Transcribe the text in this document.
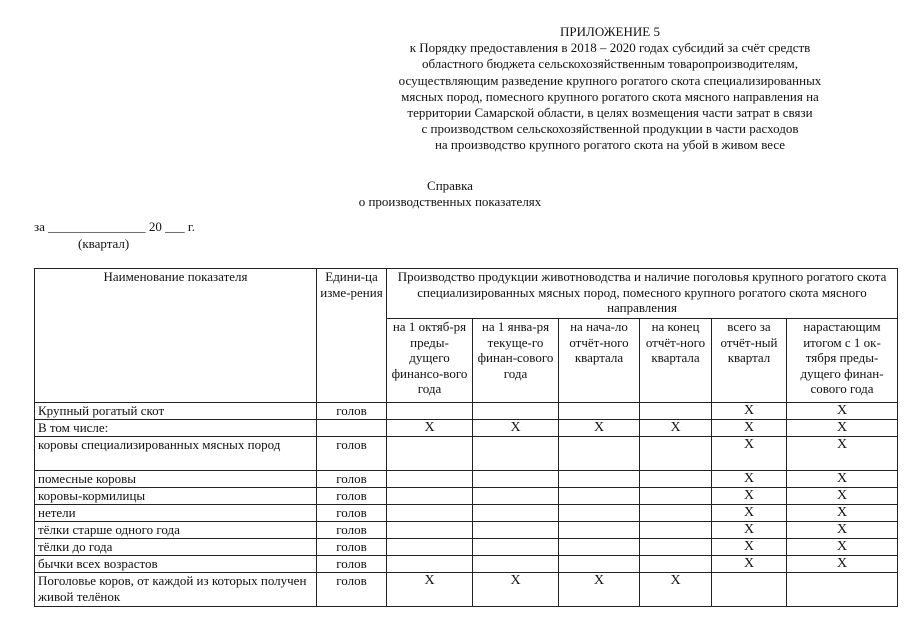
ПРИЛОЖЕНИЕ 5
к Порядку предоставления в 2018 – 2020 годах субсидий за счёт средств
областного бюджета сельскохозяйственным товаропроизводителям,
осуществляющим разведение крупного рогатого скота специализированных
мясных пород, помесного крупного рогатого скота мясного направления на
территории Самарской области, в целях возмещения части затрат в связи
с производством сельскохозяйственной продукции в части расходов
на производство крупного рогатого скота на убой в живом весе
Справка
о производственных показателях
за _______________ 20 ___ г.
(квартал)
Наименование показателя	Едини-ца изме-рения	Производство продукции животноводства и наличие поголовья крупного рогатого скота специализированных мясных пород, помесного крупного рогатого скота мясного направления					
		на 1 октяб-ря преды-дущего финансо-вого года	на 1 янва-ря текуще-го финан-сового года	на нача-ло отчёт-ного квартала	на конец отчёт-ного квартала	всего за отчёт-ный квартал	нарастающим итогом с 1 ок-тября преды-дущего финан-сового года
Крупный рогатый скот	голов					X	X
В том числе:		X	X	X	X	X	X
коровы специализированных мясных пород	голов					X	X
помесные коровы	голов					X	X
коровы-кормилицы	голов					X	X
нетели	голов					X	X
тёлки старше одного года	голов					X	X
тёлки до года	голов					X	X
бычки всех возрастов	голов					X	X
Поголовье коров, от каждой из которых получен живой телёнок	голов	X	X	X	X		
